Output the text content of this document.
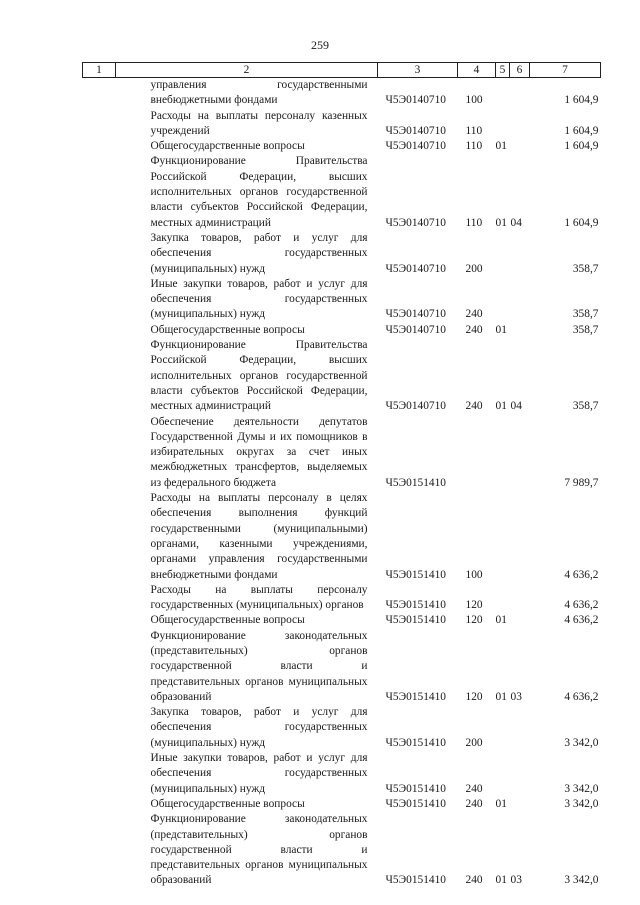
259
1	2	3	4	5	6	7
	управления государственными внебюджетными фондами	Ч5Э0140710	100			1 604,9
	Расходы на выплаты персоналу казенных учреждений	Ч5Э0140710	110			1 604,9
	Общегосударственные вопросы	Ч5Э0140710	110	01		1 604,9
	Функционирование Правительства Российской Федерации, высших исполнительных органов государственной власти субъектов Российской Федерации, местных администраций	Ч5Э0140710	110	01	04	1 604,9
	Закупка товаров, работ и услуг для обеспечения государственных (муниципальных) нужд	Ч5Э0140710	200			358,7
	Иные закупки товаров, работ и услуг для обеспечения государственных (муниципальных) нужд	Ч5Э0140710	240			358,7
	Общегосударственные вопросы	Ч5Э0140710	240	01		358,7
	Функционирование Правительства Российской Федерации, высших исполнительных органов государственной власти субъектов Российской Федерации, местных администраций	Ч5Э0140710	240	01	04	358,7
	Обеспечение деятельности депутатов Государственной Думы и их помощников в избирательных округах за счет иных межбюджетных трансфертов, выделяемых из федерального бюджета	Ч5Э0151410				7 989,7
	Расходы на выплаты персоналу в целях обеспечения выполнения функций государственными (муниципальными) органами, казенными учреждениями, органами управления государственными внебюджетными фондами	Ч5Э0151410	100			4 636,2
	Расходы на выплаты персоналу государственных (муниципальных) органов	Ч5Э0151410	120			4 636,2
	Общегосударственные вопросы	Ч5Э0151410	120	01		4 636,2
	Функционирование законодательных (представительных) органов государственной власти и представительных органов муниципальных образований	Ч5Э0151410	120	01	03	4 636,2
	Закупка товаров, работ и услуг для обеспечения государственных (муниципальных) нужд	Ч5Э0151410	200			3 342,0
	Иные закупки товаров, работ и услуг для обеспечения государственных (муниципальных) нужд	Ч5Э0151410	240			3 342,0
	Общегосударственные вопросы	Ч5Э0151410	240	01		3 342,0
	Функционирование законодательных (представительных) органов государственной власти и представительных органов муниципальных образований	Ч5Э0151410	240	01	03	3 342,0
